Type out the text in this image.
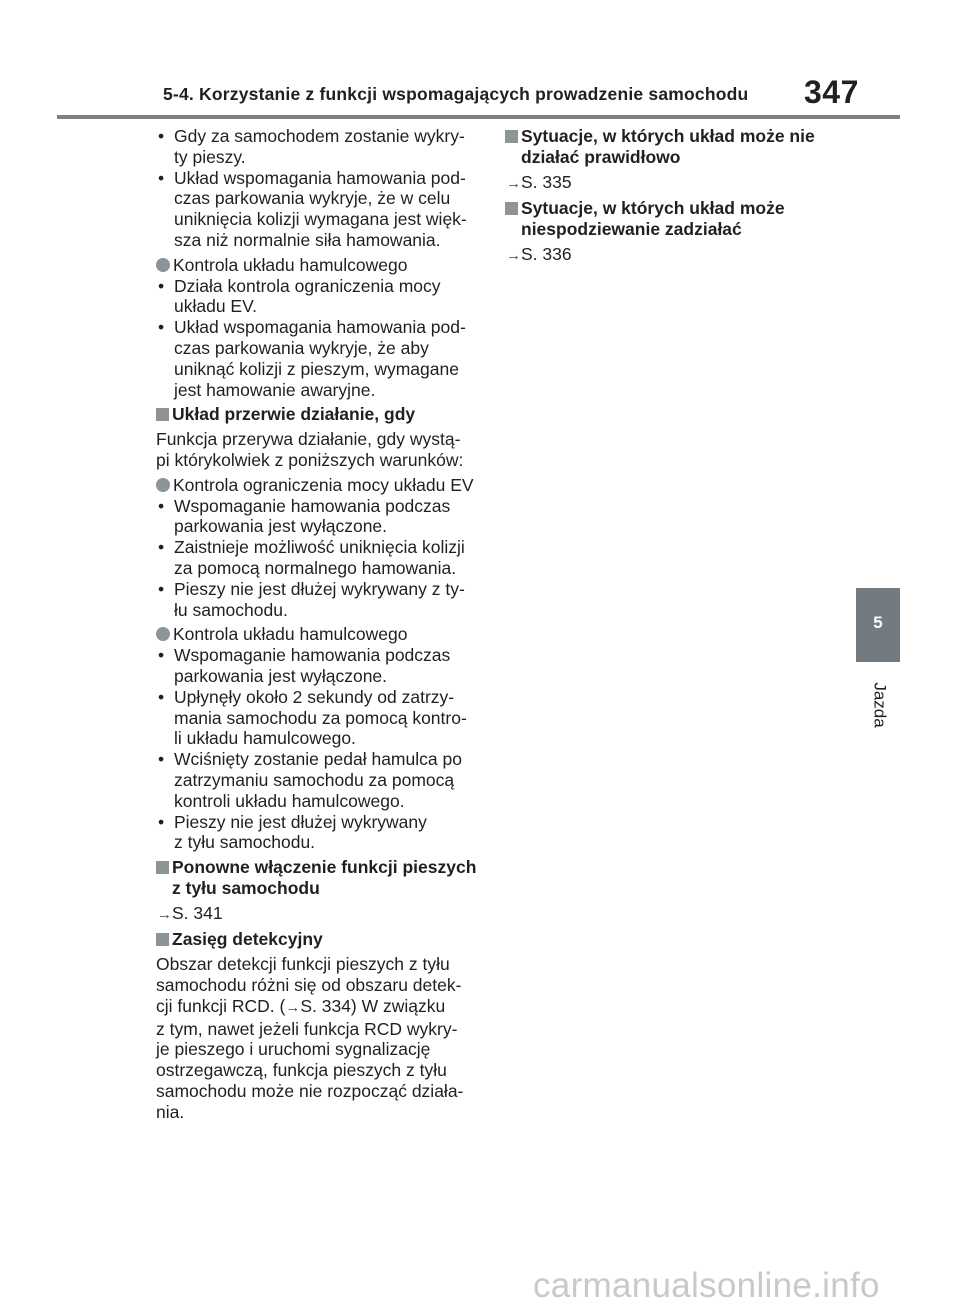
5-4. Korzystanie z funkcji wspomagających prowadzenie samochodu 347
• Gdy za samochodem zostanie wykry-
ty pieszy.
• Układ wspomagania hamowania pod-
czas parkowania wykryje, że w celu
uniknięcia kolizji wymagana jest więk-
sza niż normalnie siła hamowania.
Kontrola układu hamulcowego
• Działa kontrola ograniczenia mocy
układu EV.
• Układ wspomagania hamowania pod-
czas parkowania wykryje, że aby
uniknąć kolizji z pieszym, wymagane
jest hamowanie awaryjne.
Układ przerwie działanie, gdy
Funkcja przerywa działanie, gdy wystą-
pi którykolwiek z poniższych warunków:
Kontrola ograniczenia mocy układu EV
• Wspomaganie hamowania podczas
parkowania jest wyłączone.
• Zaistnieje możliwość uniknięcia kolizji
za pomocą normalnego hamowania.
• Pieszy nie jest dłużej wykrywany z ty-
łu samochodu.
Kontrola układu hamulcowego
• Wspomaganie hamowania podczas
parkowania jest wyłączone.
• Upłynęły około 2 sekundy od zatrzy-
mania samochodu za pomocą kontro-
li układu hamulcowego.
• Wciśnięty zostanie pedał hamulca po
zatrzymaniu samochodu za pomocą
kontroli układu hamulcowego.
• Pieszy nie jest dłużej wykrywany
z tyłu samochodu.
Ponowne włączenie funkcji pieszych
z tyłu samochodu
→S. 341
Zasięg detekcyjny
Obszar detekcji funkcji pieszych z tyłu
samochodu różni się od obszaru detek-
cji funkcji RCD. (→S. 334) W związku
z tym, nawet jeżeli funkcja RCD wykry-
je pieszego i uruchomi sygnalizację
ostrzegawczą, funkcja pieszych z tyłu
samochodu może nie rozpocząć działa-
nia.
Sytuacje, w których układ może nie
działać prawidłowo
→S. 335
Sytuacje, w których układ może
niespodziewanie zadziałać
→S. 336
5
Jazda
carmanualsonline.info
